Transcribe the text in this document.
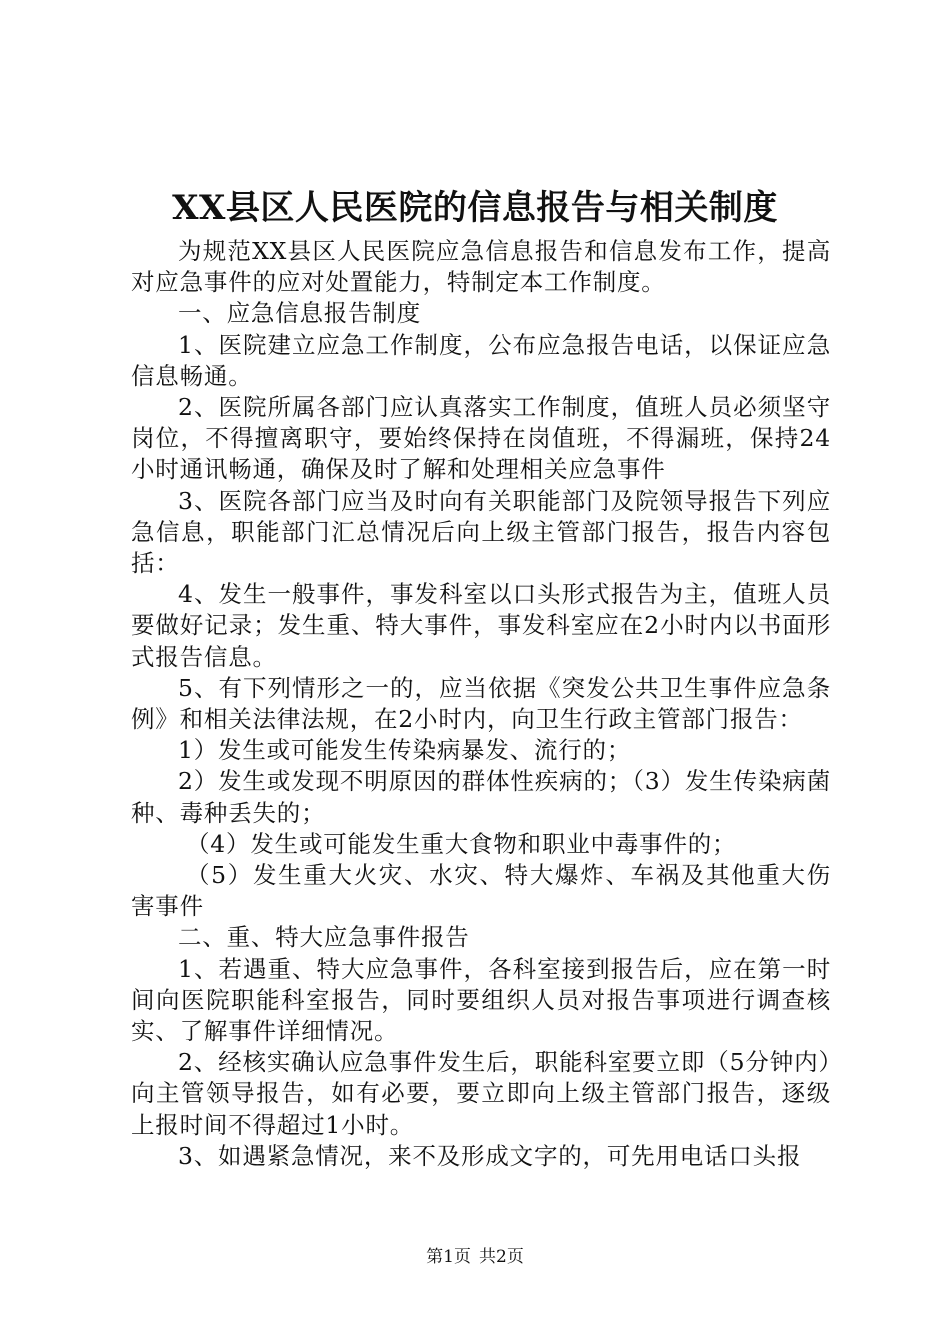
XX县区人民医院的信息报告与相关制度

为规范XX县区人民医院应急信息报告和信息发布工作，提高对应急事件的应对处置能力，特制定本工作制度。

一、应急信息报告制度

1、医院建立应急工作制度，公布应急报告电话，以保证应急信息畅通。

2、医院所属各部门应认真落实工作制度，值班人员必须坚守岗位，不得擅离职守，要始终保持在岗值班，不得漏班，保持24小时通讯畅通，确保及时了解和处理相关应急事件

3、医院各部门应当及时向有关职能部门及院领导报告下列应急信息，职能部门汇总情况后向上级主管部门报告，报告内容包括：

4、发生一般事件，事发科室以口头形式报告为主，值班人员要做好记录；发生重、特大事件，事发科室应在2小时内以书面形式报告信息。

5、有下列情形之一的，应当依据《突发公共卫生事件应急条例》和相关法律法规，在2小时内，向卫生行政主管部门报告：

1）发生或可能发生传染病暴发、流行的；

2）发生或发现不明原因的群体性疾病的；（3）发生传染病菌种、毒种丢失的；

（4）发生或可能发生重大食物和职业中毒事件的；

（5）发生重大火灾、水灾、特大爆炸、车祸及其他重大伤害事件

二、重、特大应急事件报告

1、若遇重、特大应急事件，各科室接到报告后，应在第一时间向医院职能科室报告，同时要组织人员对报告事项进行调查核实、了解事件详细情况。

2、经核实确认应急事件发生后，职能科室要立即（5分钟内）向主管领导报告，如有必要，要立即向上级主管部门报告，逐级上报时间不得超过1小时。

3、如遇紧急情况，来不及形成文字的，可先用电话口头报

第1页 共2页
